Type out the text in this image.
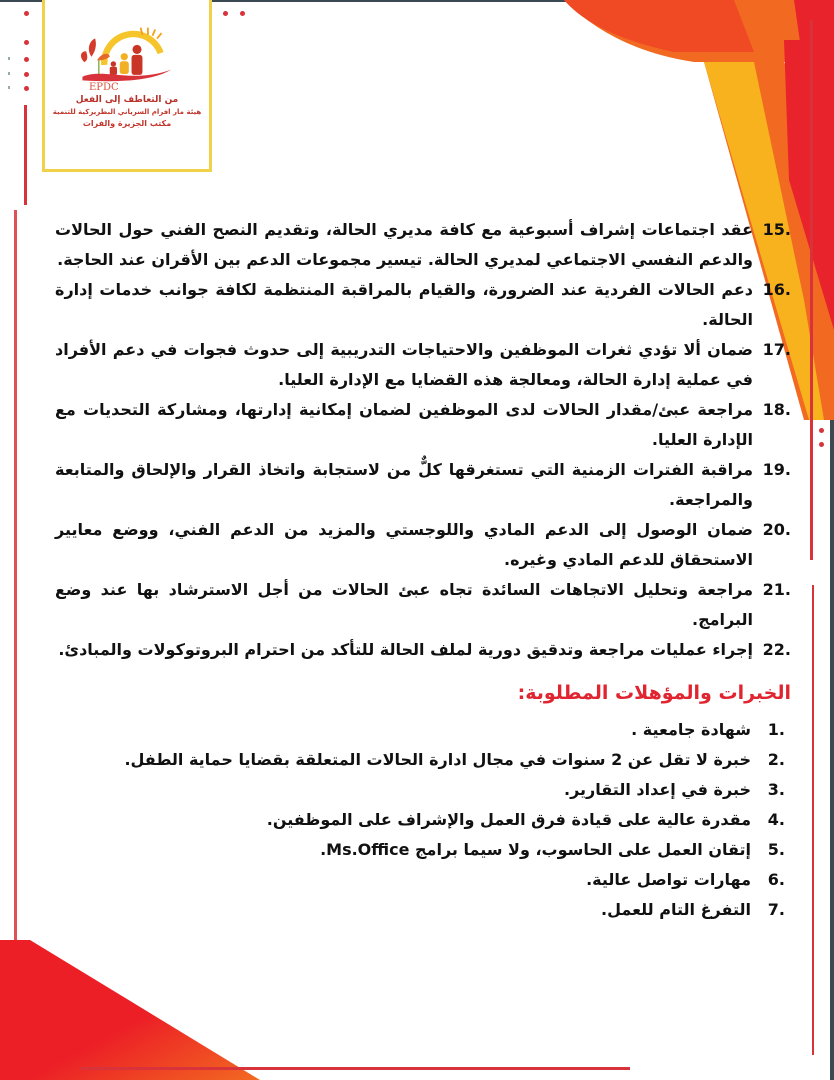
EPDC
من التعاطف إلى الفعل
هيئة مار افرام السرياني البطريركية للتنمية
مكتب الجزيرة والفرات
15.
عقد اجتماعات إشراف أسبوعية مع كافة مديري الحالة، وتقديم النصح الفني حول الحالات والدعم النفسي الاجتماعي لمديري الحالة. تيسير مجموعات الدعم بين الأقران عند الحاجة.
16.
دعم الحالات الفردية عند الضرورة، والقيام بالمراقبة المنتظمة لكافة جوانب خدمات إدارة الحالة.
17.
ضمان ألا تؤدي ثغرات الموظفين والاحتياجات التدريبية إلى حدوث فجوات في دعم الأفراد في عملية إدارة الحالة، ومعالجة هذه القضايا مع الإدارة العليا.
18.
مراجعة عبئ/مقدار الحالات لدى الموظفين لضمان إمكانية إدارتها، ومشاركة التحديات مع الإدارة العليا.
19.
مراقبة الفترات الزمنية التي تستغرقها كلٌّ من لاستجابة واتخاذ القرار والإلحاق والمتابعة والمراجعة.
20.
ضمان الوصول إلى الدعم المادي واللوجستي والمزيد من الدعم الفني، ووضع معايير الاستحقاق للدعم المادي وغيره.
21.
مراجعة وتحليل الاتجاهات السائدة تجاه عبئ الحالات من أجل الاسترشاد بها عند وضع البرامج.
22.
إجراء عمليات مراجعة وتدقيق دورية لملف الحالة للتأكد من احترام البروتوكولات والمبادئ.
الخبرات والمؤهلات المطلوبة:
1.
شهادة جامعية .
2.
خبرة لا تقل عن 2 سنوات في مجال ادارة الحالات المتعلقة بقضايا حماية الطفل.
3.
خبرة في إعداد التقارير.
4.
مقدرة عالية على قيادة فرق العمل والإشراف على الموظفين.
5.
إتقان العمل على الحاسوب، ولا سيما برامج Ms.Office.
6.
مهارات تواصل عالية.
7.
التفرغ التام للعمل.
